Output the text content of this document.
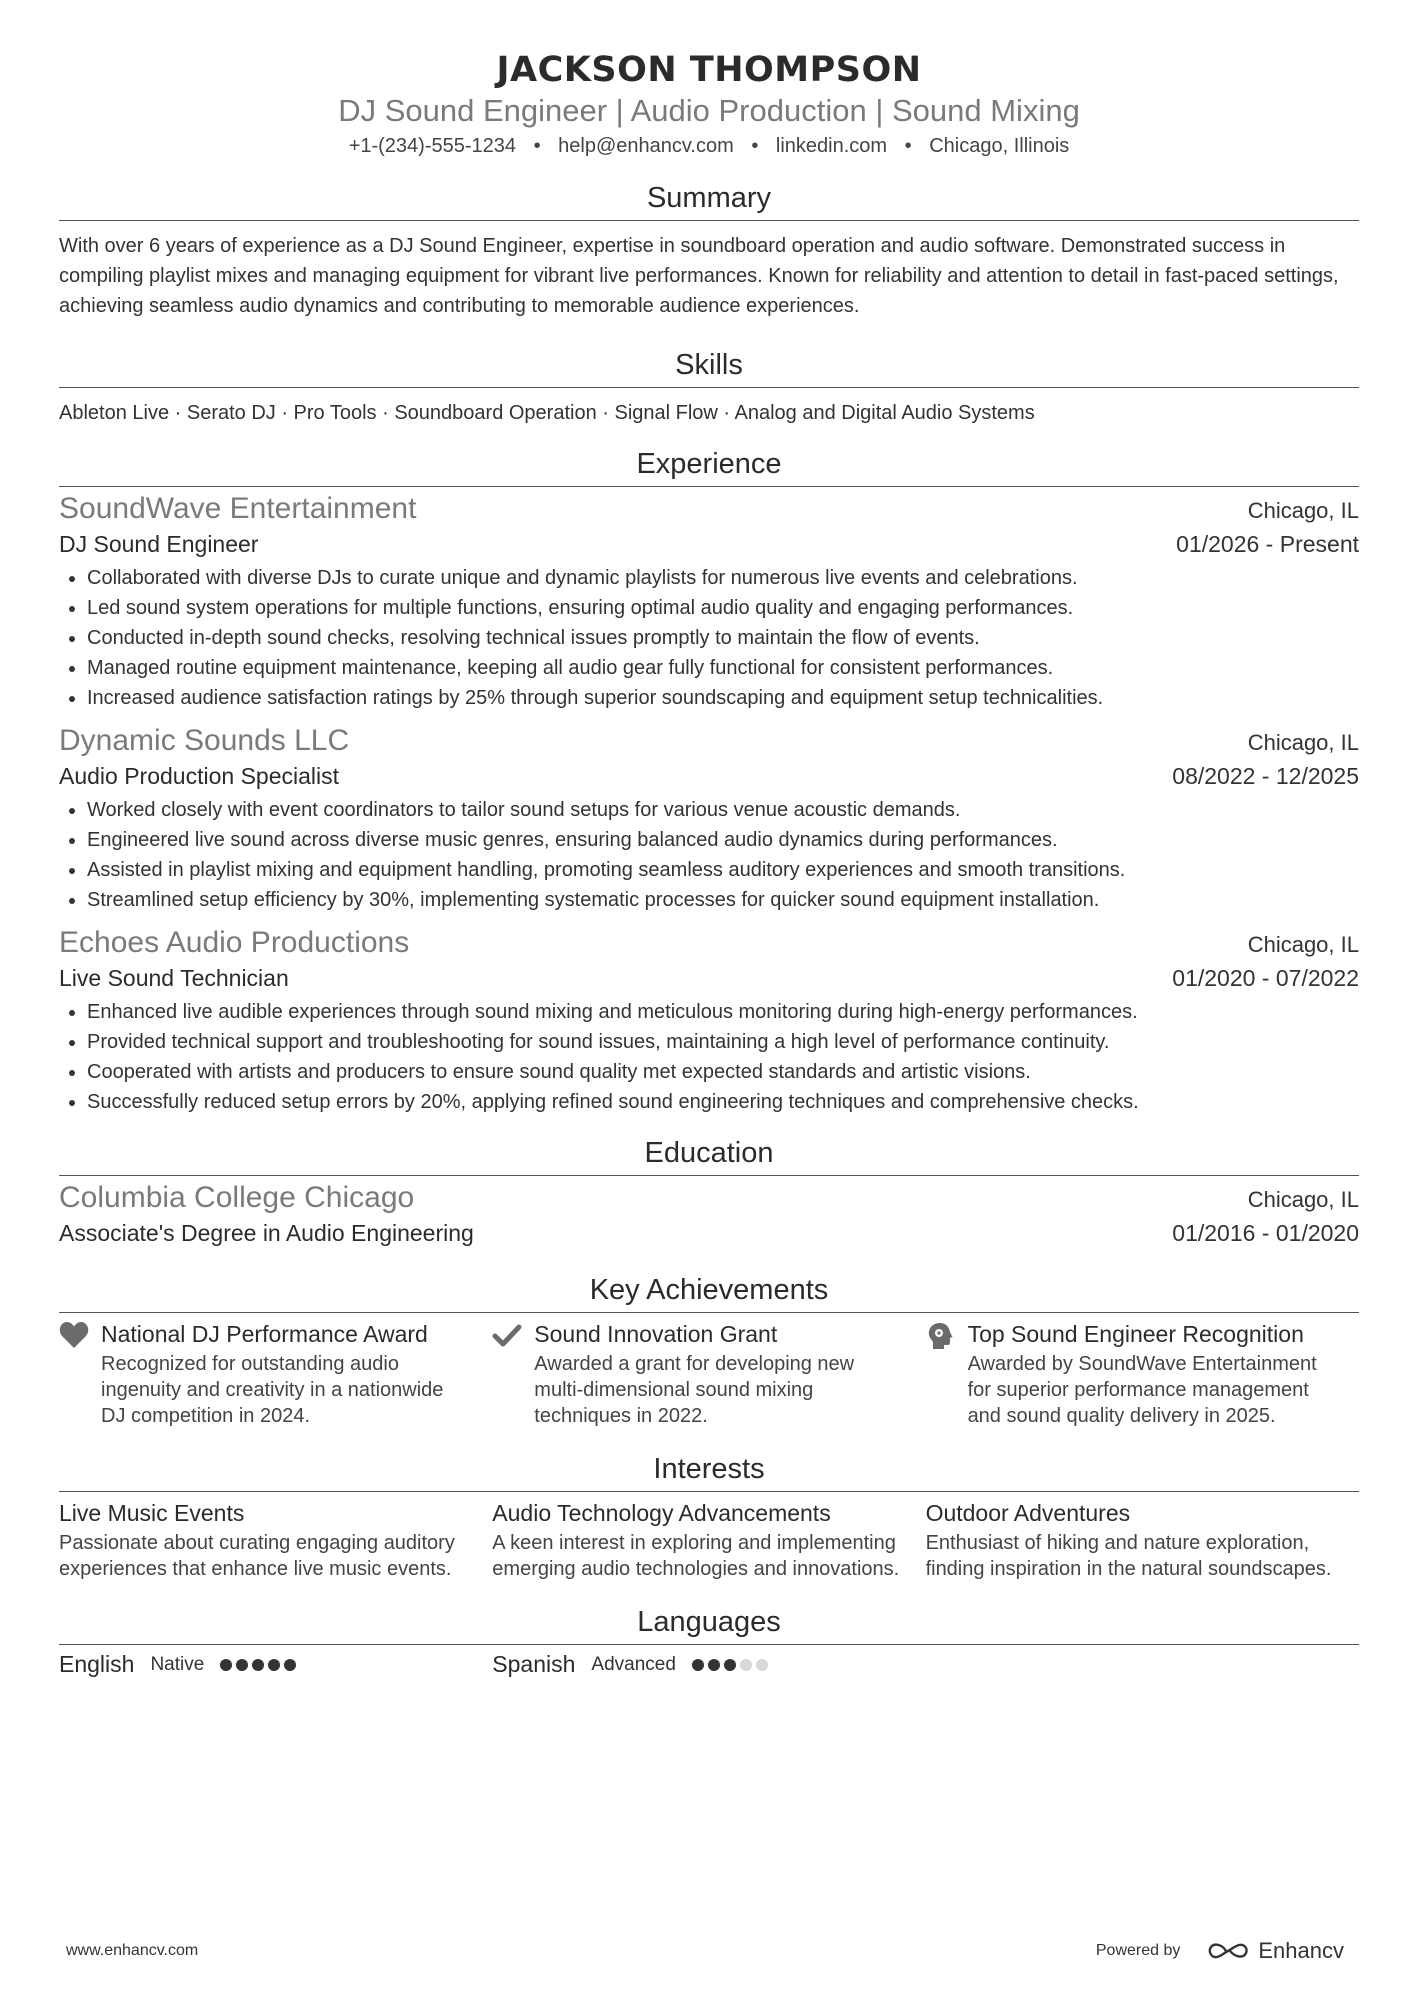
JACKSON THOMPSON
DJ Sound Engineer | Audio Production | Sound Mixing
+1-(234)-555-1234 • help@enhancv.com • linkedin.com • Chicago, Illinois
Summary
With over 6 years of experience as a DJ Sound Engineer, expertise in soundboard operation and audio software. Demonstrated success in compiling playlist mixes and managing equipment for vibrant live performances. Known for reliability and attention to detail in fast-paced settings, achieving seamless audio dynamics and contributing to memorable audience experiences.
Skills
Ableton Live · Serato DJ · Pro Tools · Soundboard Operation · Signal Flow · Analog and Digital Audio Systems
Experience
SoundWave Entertainment	Chicago, IL
DJ Sound Engineer	01/2026 - Present
• Collaborated with diverse DJs to curate unique and dynamic playlists for numerous live events and celebrations.
• Led sound system operations for multiple functions, ensuring optimal audio quality and engaging performances.
• Conducted in-depth sound checks, resolving technical issues promptly to maintain the flow of events.
• Managed routine equipment maintenance, keeping all audio gear fully functional for consistent performances.
• Increased audience satisfaction ratings by 25% through superior soundscaping and equipment setup technicalities.
Dynamic Sounds LLC	Chicago, IL
Audio Production Specialist	08/2022 - 12/2025
• Worked closely with event coordinators to tailor sound setups for various venue acoustic demands.
• Engineered live sound across diverse music genres, ensuring balanced audio dynamics during performances.
• Assisted in playlist mixing and equipment handling, promoting seamless auditory experiences and smooth transitions.
• Streamlined setup efficiency by 30%, implementing systematic processes for quicker sound equipment installation.
Echoes Audio Productions	Chicago, IL
Live Sound Technician	01/2020 - 07/2022
• Enhanced live audible experiences through sound mixing and meticulous monitoring during high-energy performances.
• Provided technical support and troubleshooting for sound issues, maintaining a high level of performance continuity.
• Cooperated with artists and producers to ensure sound quality met expected standards and artistic visions.
• Successfully reduced setup errors by 20%, applying refined sound engineering techniques and comprehensive checks.
Education
Columbia College Chicago	Chicago, IL
Associate's Degree in Audio Engineering	01/2016 - 01/2020
Key Achievements
National DJ Performance Award
Recognized for outstanding audio ingenuity and creativity in a nationwide DJ competition in 2024.
Sound Innovation Grant
Awarded a grant for developing new multi-dimensional sound mixing techniques in 2022.
Top Sound Engineer Recognition
Awarded by SoundWave Entertainment for superior performance management and sound quality delivery in 2025.
Interests
Live Music Events
Passionate about curating engaging auditory experiences that enhance live music events.
Audio Technology Advancements
A keen interest in exploring and implementing emerging audio technologies and innovations.
Outdoor Adventures
Enthusiast of hiking and nature exploration, finding inspiration in the natural soundscapes.
Languages
English Native	Spanish Advanced
www.enhancv.com	Powered by	Enhancv
